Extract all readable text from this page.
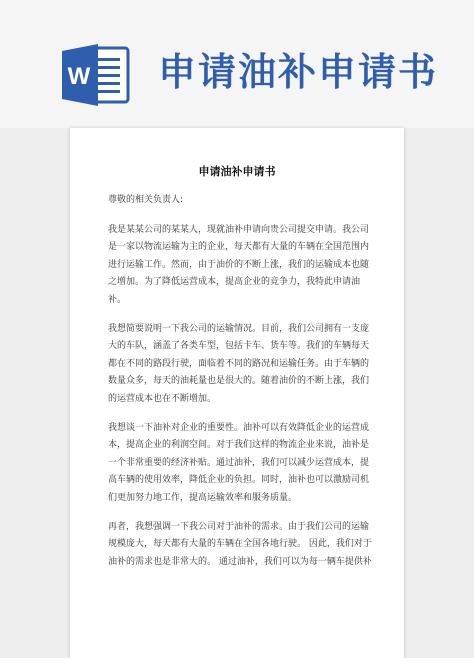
W 申请油补申请书
申请油补申请书

尊敬的相关负责人:

我是某某公司的某某人，现就油补申请向贵公司提交申请。我公司是一家以物流运输为主的企业，每天都有大量的车辆在全国范围内进行运输工作。然而，由于油价的不断上涨，我们的运输成本也随之增加。为了降低运营成本，提高企业的竞争力，我特此申请油补。

我想简要说明一下我公司的运输情况。目前，我们公司拥有一支庞大的车队，涵盖了各类车型，包括卡车、货车等。我们的车辆每天都在不同的路段行驶，面临着不同的路况和运输任务。由于车辆的数量众多，每天的油耗量也是很大的。随着油价的不断上涨，我们的运营成本也在不断增加。

我想谈一下油补对企业的重要性。油补可以有效降低企业的运营成本，提高企业的利润空间。对于我们这样的物流企业来说，油补是一个非常重要的经济补贴。通过油补，我们可以减少运营成本，提高车辆的使用效率，降低企业的负担。同时，油补也可以激励司机们更加努力地工作，提高运输效率和服务质量。

再者，我想强调一下我公司对于油补的需求。由于我们公司的运输规模庞大，每天都有大量的车辆在全国各地行驶。 因此，我们对于油补的需求也是非常大的。 通过油补，我们可以为每一辆车提供补
